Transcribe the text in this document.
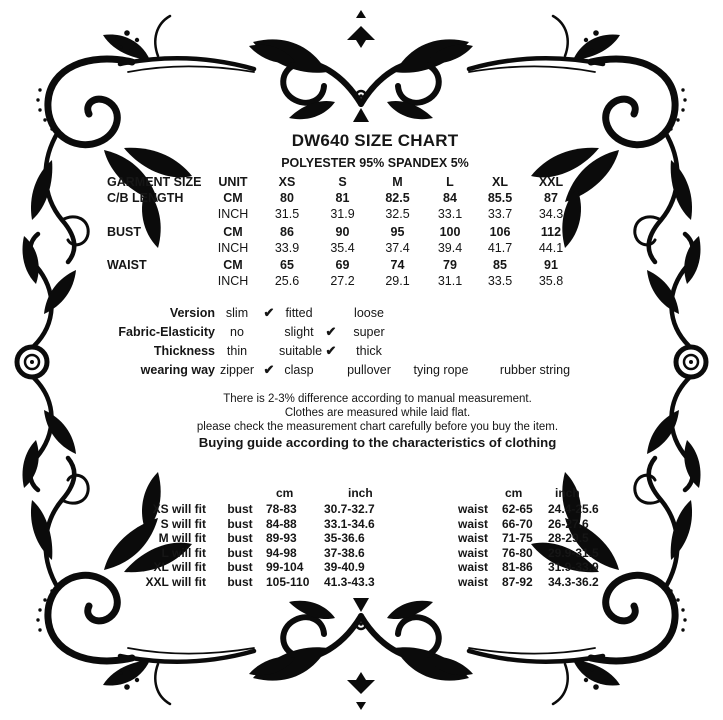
DW640 SIZE CHART
POLYESTER 95% SPANDEX 5%
GARMENT SIZE	UNIT	XS	S	M	L	XL	XXL
C/B LENGTH	CM	80	81	82.5	84	85.5	87
INCH	31.5	31.9	32.5	33.1	33.7	34.3
BUST	CM	86	90	95	100	106	112
INCH	33.9	35.4	37.4	39.4	41.7	44.1
WAIST	CM	65	69	74	79	85	91
INCH	25.6	27.2	29.1	31.1	33.5	35.8
Version slim	✔ fitted	loose
Fabric-Elasticity	no	slight ✔	super
Thickness thin	suitable ✔	thick
wearing way zipper ✔ clasp	pullover	tying rope	rubber string
There is 2-3% difference according to manual measurement.
Clothes are measured while laid flat.
please check the measurement chart carefully before you buy the item.
Buying guide according to the characteristics of clothing
cm	inch
XS will fit	bust	78-83	30.7-32.7
S will fit	bust	84-88	33.1-34.6
M will fit	bust	89-93	35-36.6
L will fit	bust	94-98	37-38.6
XL will fit	bust	99-104	39-40.9
XXL will fit	bust	105-110	41.3-43.3
cm	inch
waist	62-65	24.4-25.6
waist	66-70	26-27.6
waist	71-75	28-29.5
waist	76-80	29.9-31.5
waist	81-86	31.9-33.9
waist	87-92	34.3-36.2
